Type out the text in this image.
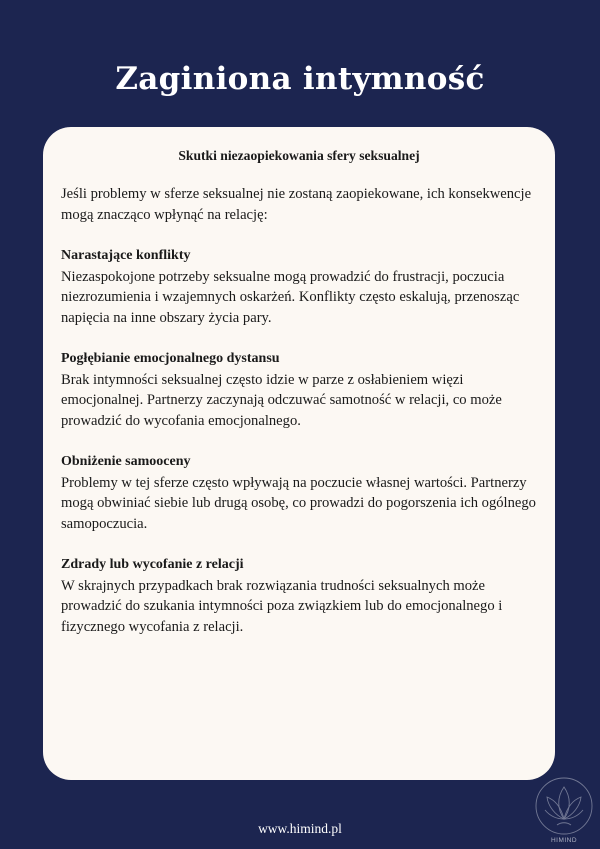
Zaginiona intymność
Skutki niezaopiekowania sfery seksualnej
Jeśli problemy w sferze seksualnej nie zostaną zaopiekowane, ich konsekwencje mogą znacząco wpłynąć na relację:
Narastające konflikty
Niezaspokojone potrzeby seksualne mogą prowadzić do frustracji, poczucia niezrozumienia i wzajemnych oskarżeń. Konflikty często eskalują, przenosząc napięcia na inne obszary życia pary.
Pogłębianie emocjonalnego dystansu
Brak intymności seksualnej często idzie w parze z osłabieniem więzi emocjonalnej. Partnerzy zaczynają odczuwać samotność w relacji, co może prowadzić do wycofania emocjonalnego.
Obniżenie samooceny
Problemy w tej sferze często wpływają na poczucie własnej wartości. Partnerzy mogą obwiniać siebie lub drugą osobę, co prowadzi do pogorszenia ich ogólnego samopoczucia.
Zdrady lub wycofanie z relacji
W skrajnych przypadkach brak rozwiązania trudności seksualnych może prowadzić do szukania intymności poza związkiem lub do emocjonalnego i fizycznego wycofania z relacji.
www.himind.pl
HIMIND
